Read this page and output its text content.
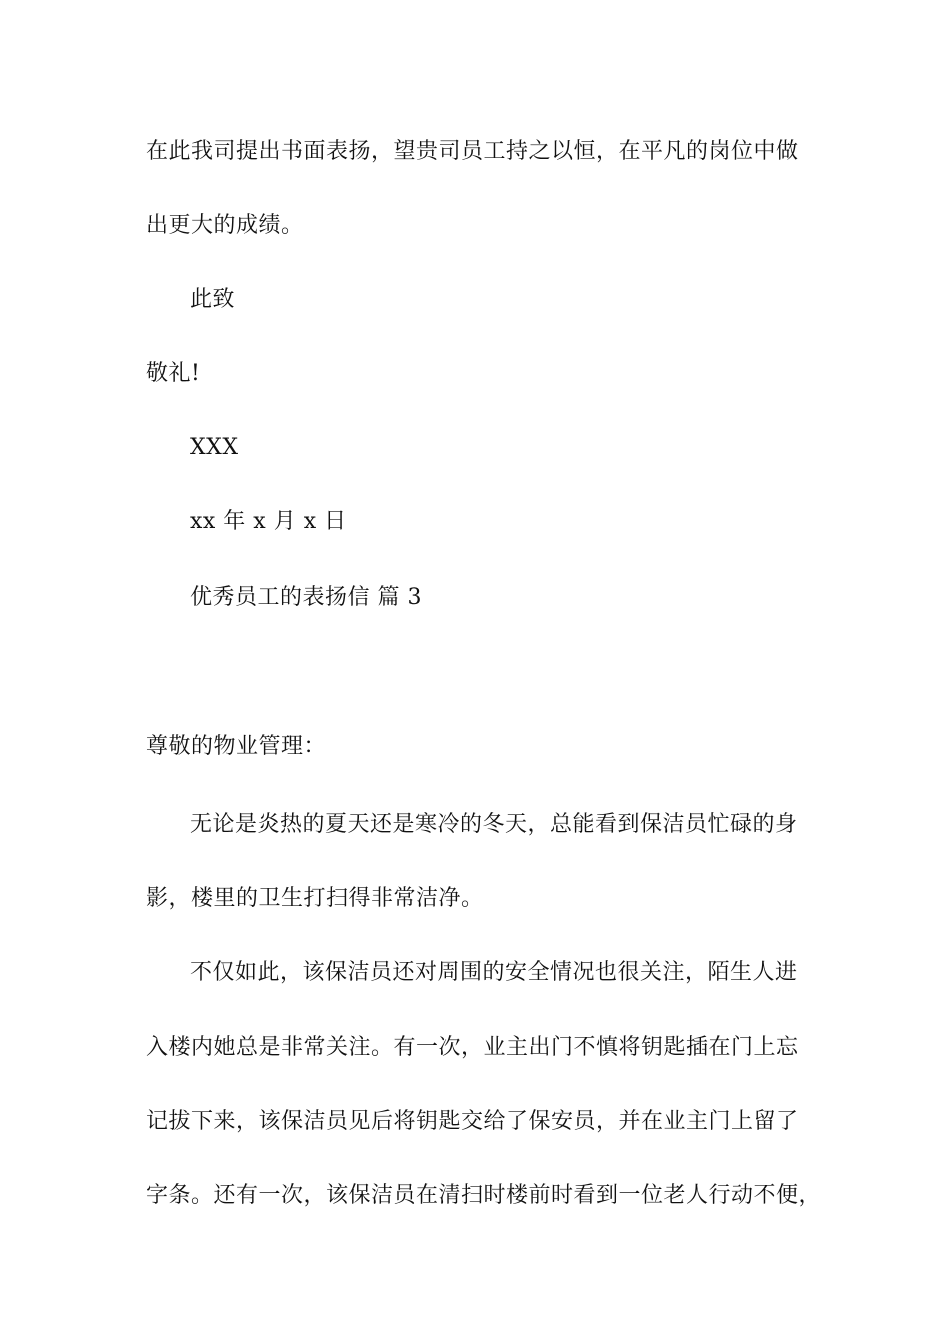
在此我司提出书面表扬，望贵司员工持之以恒，在平凡的岗位中做
出更大的成绩。
此致
敬礼!
XXX
xx 年 x 月 x 日
优秀员工的表扬信 篇 3
尊敬的物业管理：
无论是炎热的夏天还是寒冷的冬天，总能看到保洁员忙碌的身
影，楼里的卫生打扫得非常洁净。
不仅如此，该保洁员还对周围的安全情况也很关注，陌生人进
入楼内她总是非常关注。有一次，业主出门不慎将钥匙插在门上忘
记拔下来，该保洁员见后将钥匙交给了保安员，并在业主门上留了
字条。还有一次，该保洁员在清扫时楼前时看到一位老人行动不便，
